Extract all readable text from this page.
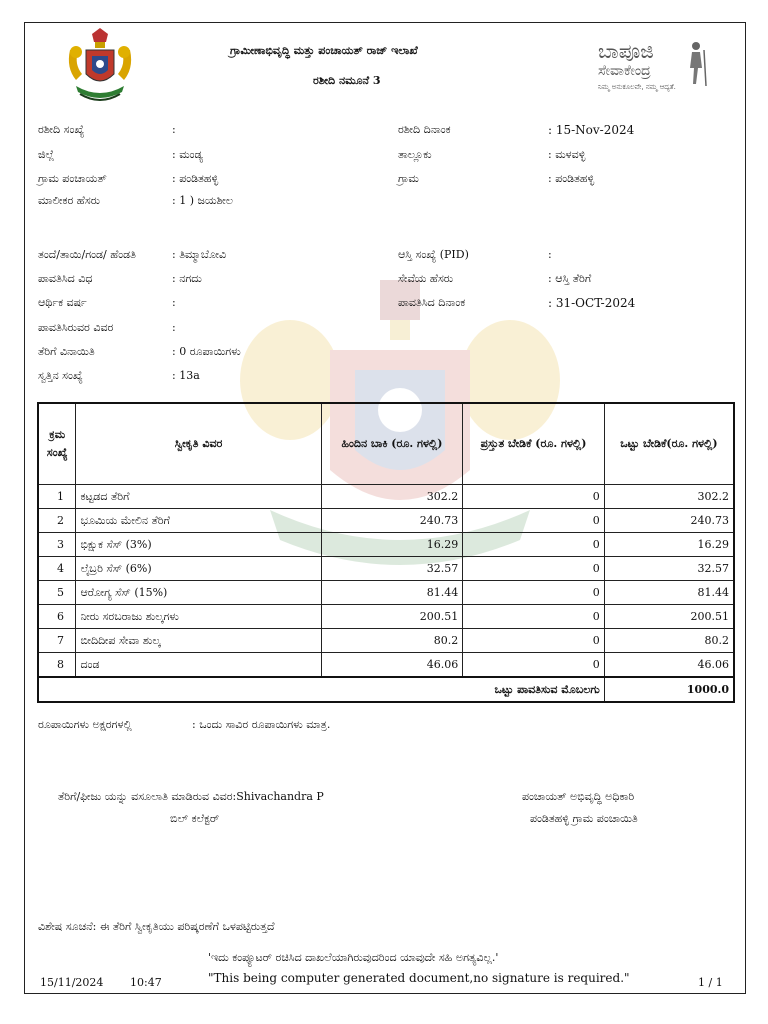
ಗ್ರಾಮೀಣಾಭಿವೃದ್ಧಿ ಮತ್ತು ಪಂಚಾಯತ್ ರಾಜ್ ಇಲಾಖೆ
ರಶೀದಿ ನಮೂನೆ 3
ಬಾಪೂಜಿ
ಸೇವಾಕೇಂದ್ರ
ನಿಮ್ಮ ಅನುಕೂಲವೇ, ನಮ್ಮ ಆದ್ಯತೆ.
ರಶೀದಿ ಸಂಖ್ಯೆ	:
ಜಿಲ್ಲೆ	: ಮಂಡ್ಯ
ಗ್ರಾಮ ಪಂಚಾಯತ್	: ಪಂಡಿತಹಳ್ಳಿ
ಮಾಲೀಕರ ಹೆಸರು	: 1 ) ಜಯಶೀಲ
ತಂದೆ/ತಾಯಿ/ಗಂಡ/ ಹೆಂಡತಿ	: ತಿಮ್ಮಾಬೋವಿ
ಪಾವತಿಸಿದ ವಿಧ	: ನಗದು
ಆರ್ಥಿಕ ವರ್ಷ	:
ಪಾವತಿಸಿರುವರ ವಿವರ	:
ತೆರಿಗೆ ವಿನಾಯಿತಿ	: 0 ರೂಪಾಯಿಗಳು
ಸ್ವತ್ತಿನ ಸಂಖ್ಯೆ	: 13a
ರಶೀದಿ ದಿನಾಂಕ	: 15-Nov-2024
ತಾಲ್ಲೂಕು	: ಮಳವಳ್ಳಿ
ಗ್ರಾಮ	: ಪಂಡಿತಹಳ್ಳಿ
ಆಸ್ತಿ ಸಂಖ್ಯೆ (PID)	:
ಸೇವೆಯ ಹೆಸರು	: ಆಸ್ತಿ ತೆರಿಗೆ
ಪಾವತಿಸಿದ ದಿನಾಂಕ	: 31-OCT-2024
ಕ್ರಮ ಸಂಖ್ಯೆ	ಸ್ವೀಕೃತಿ ವಿವರ	ಹಿಂದಿನ ಬಾಕಿ (ರೂ. ಗಳಲ್ಲಿ)	ಪ್ರಸ್ತುತ ಬೇಡಿಕೆ (ರೂ. ಗಳಲ್ಲಿ)	ಒಟ್ಟು ಬೇಡಿಕೆ(ರೂ. ಗಳಲ್ಲಿ)
1	ಕಟ್ಟಡದ ತೆರಿಗೆ	302.2	0	302.2
2	ಭೂಮಿಯ ಮೇಲಿನ ತೆರಿಗೆ	240.73	0	240.73
3	ಭಿಕ್ಷುಕ ಸೆಸ್ (3%)	16.29	0	16.29
4	ಲೈಬ್ರರಿ ಸೆಸ್ (6%)	32.57	0	32.57
5	ಆರೋಗ್ಯ ಸೆಸ್ (15%)	81.44	0	81.44
6	ನೀರು ಸರಬರಾಜು ಶುಲ್ಕಗಳು	200.51	0	200.51
7	ಬೀದಿದೀಪ ಸೇವಾ ಶುಲ್ಕ	80.2	0	80.2
8	ದಂಡ	46.06	0	46.06
ಒಟ್ಟು ಪಾವತಿಸುವ ಮೊಬಲಗು				1000.0
ರೂಪಾಯಿಗಳು ಅಕ್ಷರಗಳಲ್ಲಿ	: ಒಂದು ಸಾವಿರ ರೂಪಾಯಿಗಳು ಮಾತ್ರ.
ತೆರಿಗೆ/ಫೀಜು ಯನ್ನು ವಸೂಲಾತಿ ಮಾಡಿರುವ ವಿವರ:Shivachandra P
ಬಿಲ್ ಕಲೆಕ್ಟರ್
ಪಂಚಾಯತ್ ಅಭಿವೃದ್ಧಿ ಅಧಿಕಾರಿ
ಪಂಡಿತಹಳ್ಳಿ ಗ್ರಾಮ ಪಂಚಾಯಿತಿ
ವಿಶೇಷ ಸೂಚನೆ: ಈ ತೆರಿಗೆ ಸ್ವೀಕೃತಿಯು ಪರಿಷ್ಕರಣೆಗೆ ಒಳಪಟ್ಟಿರುತ್ತದೆ
'ಇದು ಕಂಪ್ಯೂಟರ್ ರಚಿಸಿದ ದಾಖಲೆಯಾಗಿರುವುದರಿಂದ ಯಾವುದೇ ಸಹಿ ಅಗತ್ಯವಿಲ್ಲ.'
"This being computer generated document,no signature is required."
15/11/2024 10:47	1 / 1
